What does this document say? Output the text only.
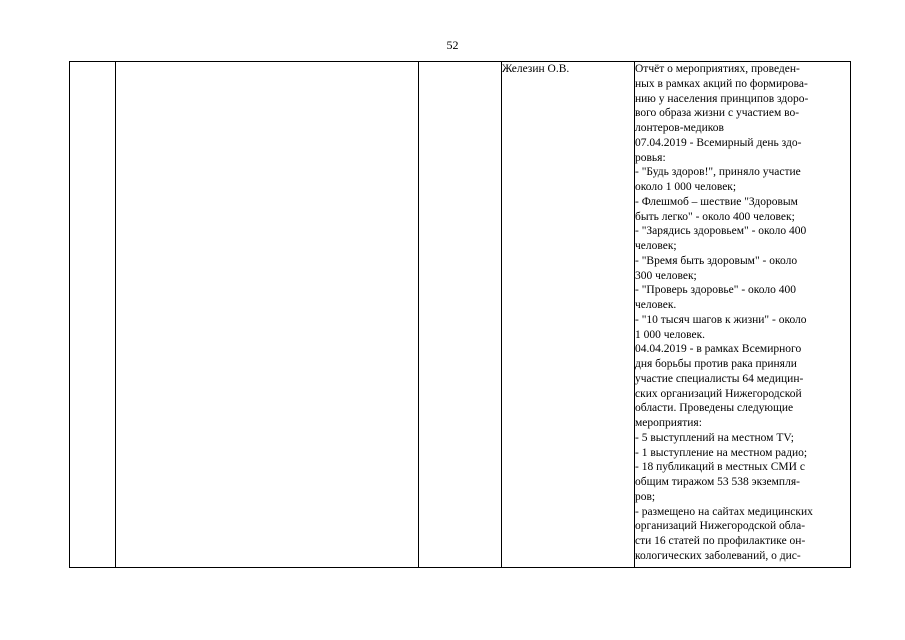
52
			Железин О.В.	Отчёт о мероприятиях, проведен-
ных в рамках акций по формирова-
нию у населения принципов здоро-
вого образа жизни с участием во-
лонтеров-медиков
07.04.2019 - Всемирный день здо-
ровья:
- "Будь здоров!", приняло участие
около 1 000 человек;
- Флешмоб – шествие "Здоровым
быть легко" - около 400 человек;
- "Зарядись здоровьем" - около 400
человек;
- "Время быть здоровым" - около
300 человек;
- "Проверь здоровье" - около 400
человек.
- "10 тысяч шагов к жизни" - около
1 000 человек.
04.04.2019 - в рамках Всемирного
дня борьбы против рака приняли
участие специалисты 64 медицин-
ских организаций Нижегородской
области. Проведены следующие
мероприятия:
- 5 выступлений на местном TV;
- 1 выступление на местном радио;
- 18 публикаций в местных СМИ с
общим тиражом 53 538 экземпля-
ров;
- размещено на сайтах медицинских
организаций Нижегородской обла-
сти 16 статей по профилактике он-
кологических заболеваний, о дис-
